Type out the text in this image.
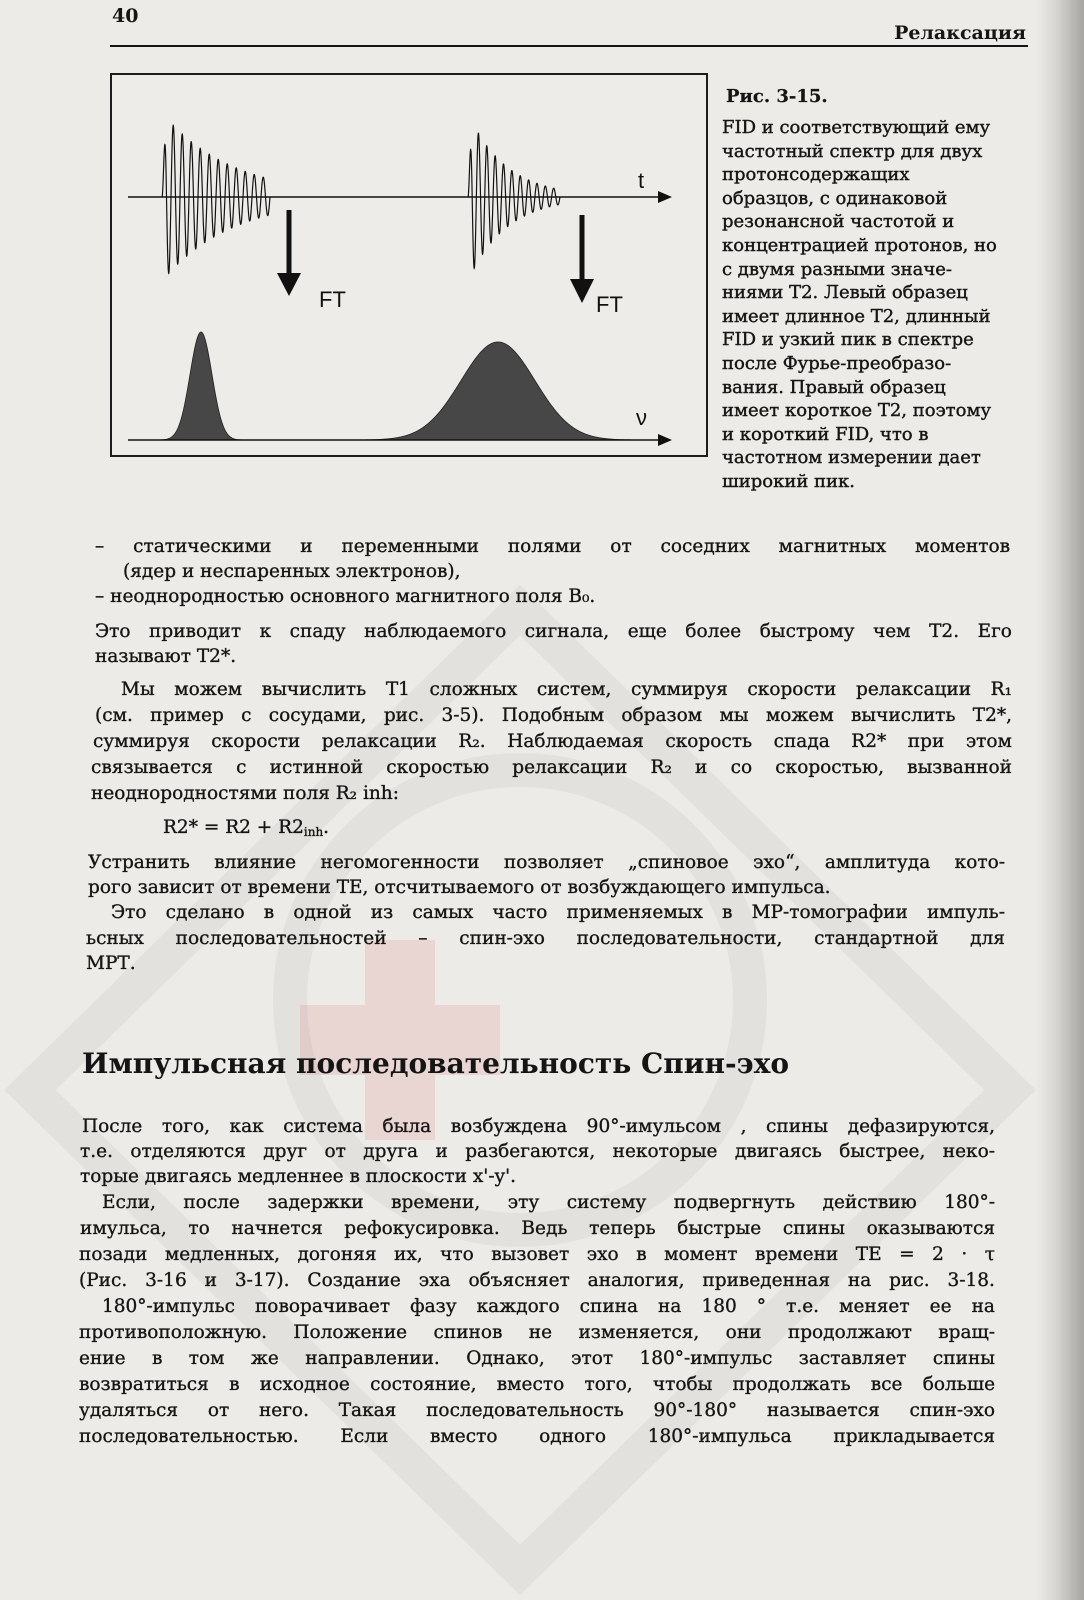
40
Релаксация
t
FT	FT
ν
Рис. 3-15.
FID и соответствующий ему
частотный спектр для двух
протонсодержащих
образцов, с одинаковой
резонансной частотой и
концентрацией протонов, но
с двумя разными значе-
ниями T2. Левый образец
имеет длинное T2, длинный
FID и узкий пик в спектре
после Фурье-преобразо-
вания. Правый образец
имеет короткое T2, поэтому
и короткий FID, что в
частотном измерении дает
широкий пик.
– статическими и переменными полями от соседних магнитных моментов
(ядер и неспаренных электронов),
– неоднородностью основного магнитного поля B₀.
Это приводит к спаду наблюдаемого сигнала, еще более быстрому чем T2. Его
называют T2*.
Мы можем вычислить T1 сложных систем, суммируя скорости релаксации R₁
(см. пример с сосудами, рис. 3-5). Подобным образом мы можем вычислить T2*,
суммируя скорости релаксации R₂. Наблюдаемая скорость спада R2* при этом
связывается с истинной скоростью релаксации R₂ и со скоростью, вызванной
неоднородностями поля R₂ inh:
$R2* = R2 + R2_{inh}$.
Устранить влияние негомогенности позволяет „спиновое эхо“, амплитуда кото-
рого зависит от времени TE, отсчитываемого от возбуждающего импульса.
Это сделано в одной из самых часто применяемых в МР-томографии импуль-
ьсных последовательностей – спин-эхо последовательности, стандартной для
МРТ.
Импульсная последовательность Спин-эхо
После того, как система была возбуждена 90°-имульсом , спины дефазируются,
т.е. отделяются друг от друга и разбегаются, некоторые двигаясь быстрее, неко-
торые двигаясь медленнее в плоскости x'-y'.
Если, после задержки времени, эту систему подвергнуть действию 180°-
имульса, то начнется рефокусировка. Ведь теперь быстрые спины оказываются
позади медленных, догоняя их, что вызовет эхо в момент времени TE = 2 · τ
(Рис. 3-16 и 3-17). Создание эха объясняет аналогия, приведенная на рис. 3-18.
180°-импульс поворачивает фазу каждого спина на 180 ° т.е. меняет ее на
противоположную. Положение спинов не изменяется, они продолжают вращ-
ение в том же направлении. Однако, этот 180°-импульс заставляет спины
возвратиться в исходное состояние, вместо того, чтобы продолжать все больше
удаляться от него. Такая последовательность 90°-180° называется спин-эхо
последовательностью. Если вместо одного 180°-импульса прикладывается
